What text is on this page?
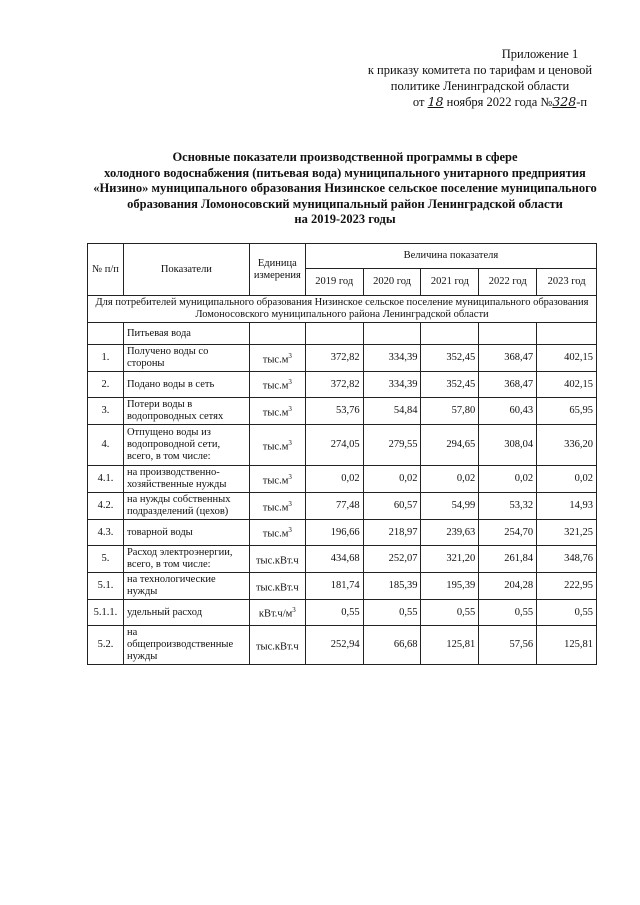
Приложение 1
к приказу комитета по тарифам и ценовой
политике Ленинградской области
от 18 ноября 2022 года №328-п
Основные показатели производственной программы в сфере
холодного водоснабжения (питьевая вода) муниципального унитарного предприятия
«Низино» муниципального образования Низинское сельское поселение муниципального
образования Ломоносовский муниципальный район Ленинградской области
на 2019-2023 годы
№ п/п	Показатели	Единица измерения	Величина показателя				
			2019 год	2020 год	2021 год	2022 год	2023 год
Для потребителей муниципального образования Низинское сельское поселение муниципального образования Ломоносовского муниципального района Ленинградской области							
	Питьевая вода						
1.	Получено воды со стороны	$тыс.м^3$	372,82	334,39	352,45	368,47	402,15
2.	Подано воды в сеть	$тыс.м^3$	372,82	334,39	352,45	368,47	402,15
3.	Потери воды в водопроводных сетях	$тыс.м^3$	53,76	54,84	57,80	60,43	65,95
4.	Отпущено воды из водопроводной сети, всего, в том числе:	$тыс.м^3$	274,05	279,55	294,65	308,04	336,20
4.1.	на производственно-хозяйственные нужды	$тыс.м^3$	0,02	0,02	0,02	0,02	0,02
4.2.	на нужды собственных подразделений (цехов)	$тыс.м^3$	77,48	60,57	54,99	53,32	14,93
4.3.	товарной воды	$тыс.м^3$	196,66	218,97	239,63	254,70	321,25
5.	Расход электроэнергии, всего, в том числе:	тыс.кВт.ч	434,68	252,07	321,20	261,84	348,76
5.1.	на технологические нужды	тыс.кВт.ч	181,74	185,39	195,39	204,28	222,95
5.1.1.	удельный расход	$кВт.ч/м^3$	0,55	0,55	0,55	0,55	0,55
5.2.	на общепроизводственные нужды	тыс.кВт.ч	252,94	66,68	125,81	57,56	125,81
